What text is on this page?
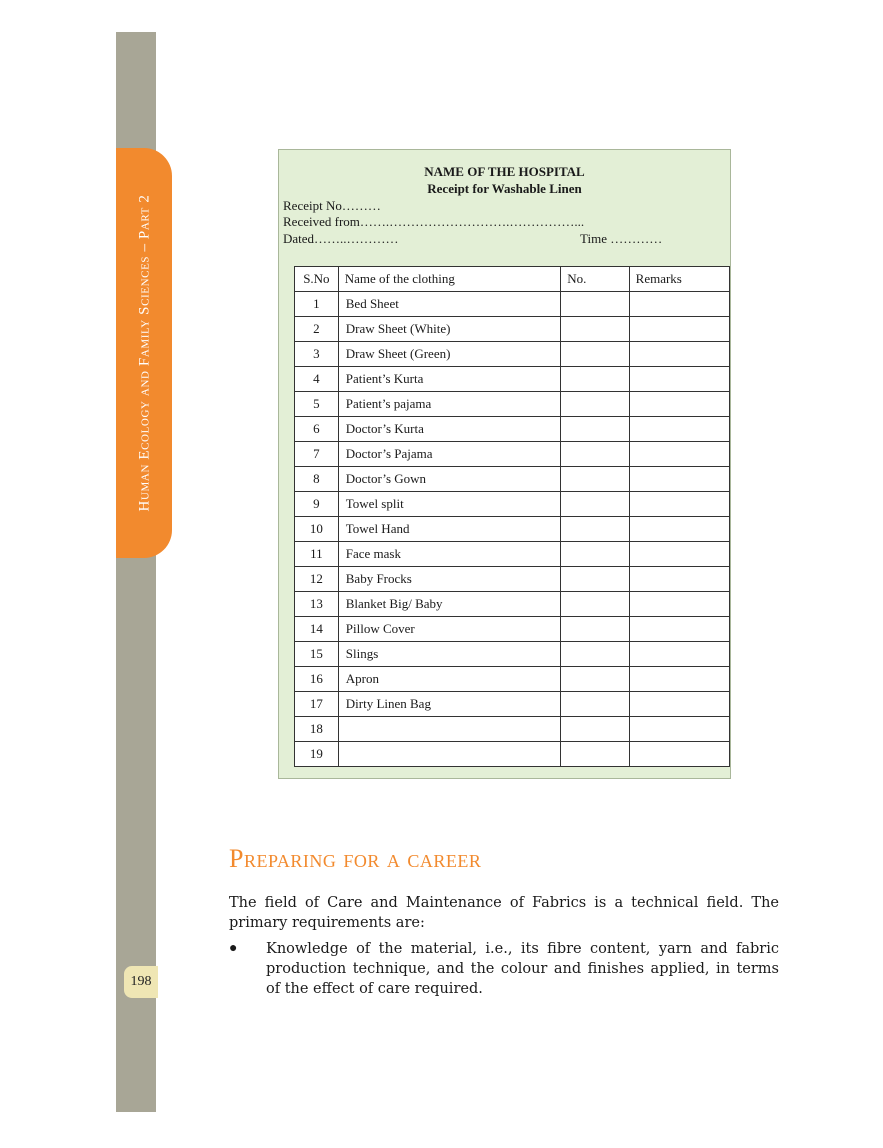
Human Ecology and Family Sciences – Part 2
198
NAME OF THE HOSPITAL
Receipt for Washable Linen
Receipt No………
Received from…….……………………….……………...
Dated……..…………	Time …………
S.No	Name of the clothing	No.	Remarks
1	Bed Sheet		
2	Draw Sheet (White)		
3	Draw Sheet (Green)		
4	Patient’s Kurta		
5	Patient’s pajama		
6	Doctor’s Kurta		
7	Doctor’s Pajama		
8	Doctor’s Gown		
9	Towel split		
10	Towel Hand		
11	Face mask		
12	Baby Frocks		
13	Blanket Big/ Baby		
14	Pillow Cover		
15	Slings		
16	Apron		
17	Dirty Linen Bag		
18			
19			
Preparing for a career
The field of Care and Maintenance of Fabrics is a technical field. The primary requirements are:
● Knowledge of the material, i.e., its fibre content, yarn and fabric production technique, and the colour and finishes applied, in terms of the effect of care required.
